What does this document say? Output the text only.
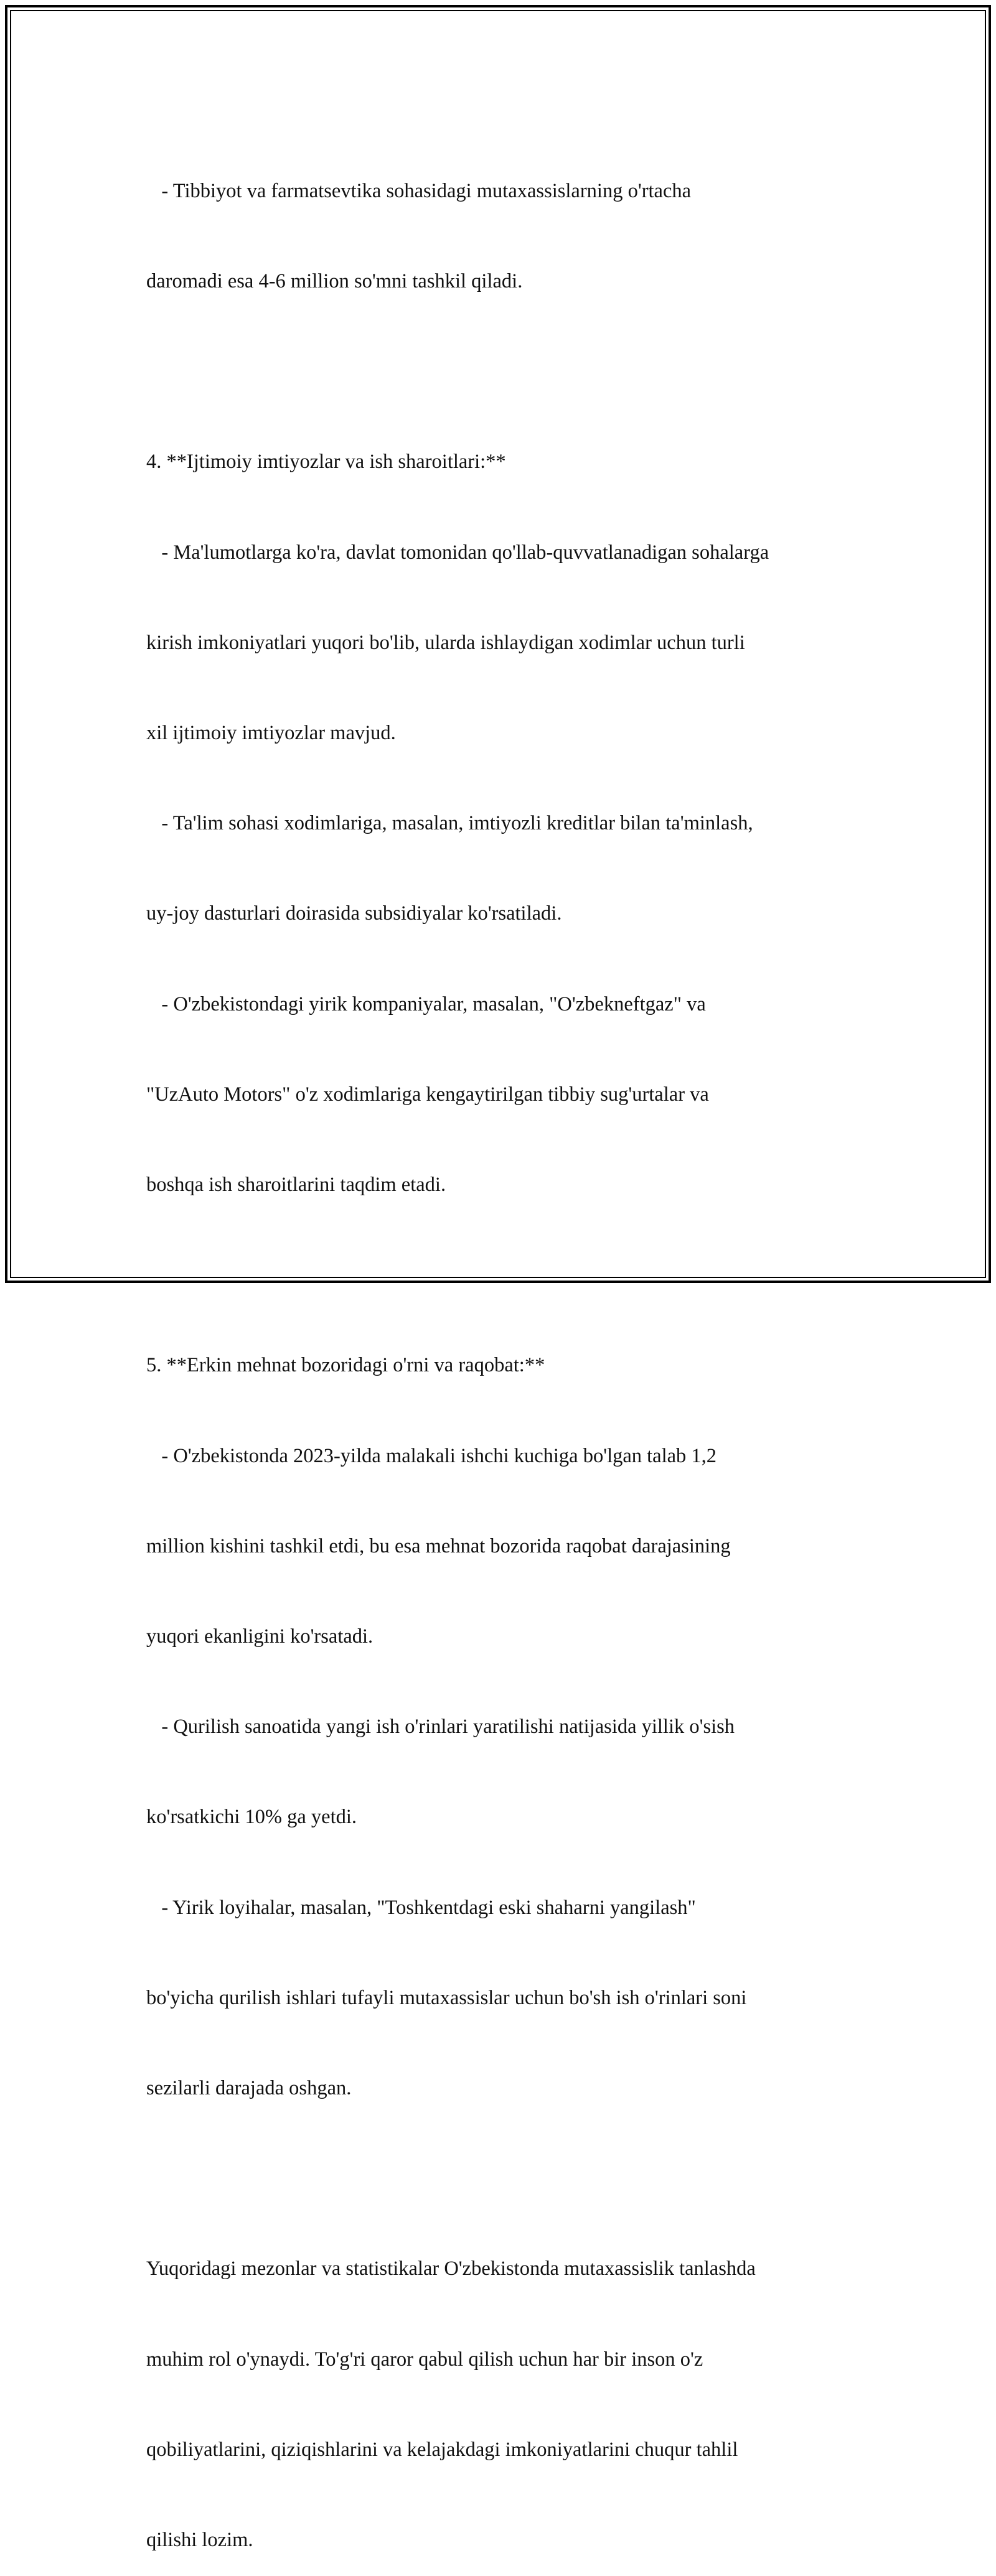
- Tibbiyot va farmatsevtika sohasidagi mutaxassislarning o'rtacha

daromadi esa 4-6 million so'mni tashkil qiladi.

4. **Ijtimoiy imtiyozlar va ish sharoitlari:**

- Ma'lumotlarga ko'ra, davlat tomonidan qo'llab-quvvatlanadigan sohalarga

kirish imkoniyatlari yuqori bo'lib, ularda ishlaydigan xodimlar uchun turli

xil ijtimoiy imtiyozlar mavjud.

- Ta'lim sohasi xodimlariga, masalan, imtiyozli kreditlar bilan ta'minlash,

uy-joy dasturlari doirasida subsidiyalar ko'rsatiladi.

- O'zbekistondagi yirik kompaniyalar, masalan, "O'zbekneftgaz" va

"UzAuto Motors" o'z xodimlariga kengaytirilgan tibbiy sug'urtalar va

boshqa ish sharoitlarini taqdim etadi.

5. **Erkin mehnat bozoridagi o'rni va raqobat:**

- O'zbekistonda 2023-yilda malakali ishchi kuchiga bo'lgan talab 1,2

million kishini tashkil etdi, bu esa mehnat bozorida raqobat darajasining

yuqori ekanligini ko'rsatadi.

- Qurilish sanoatida yangi ish o'rinlari yaratilishi natijasida yillik o'sish

ko'rsatkichi 10% ga yetdi.

- Yirik loyihalar, masalan, "Toshkentdagi eski shaharni yangilash"

bo'yicha qurilish ishlari tufayli mutaxassislar uchun bo'sh ish o'rinlari soni

sezilarli darajada oshgan.

Yuqoridagi mezonlar va statistikalar O'zbekistonda mutaxassislik tanlashda

muhim rol o'ynaydi. To'g'ri qaror qabul qilish uchun har bir inson o'z

qobiliyatlarini, qiziqishlarini va kelajakdagi imkoniyatlarini chuqur tahlil

qilishi lozim.
